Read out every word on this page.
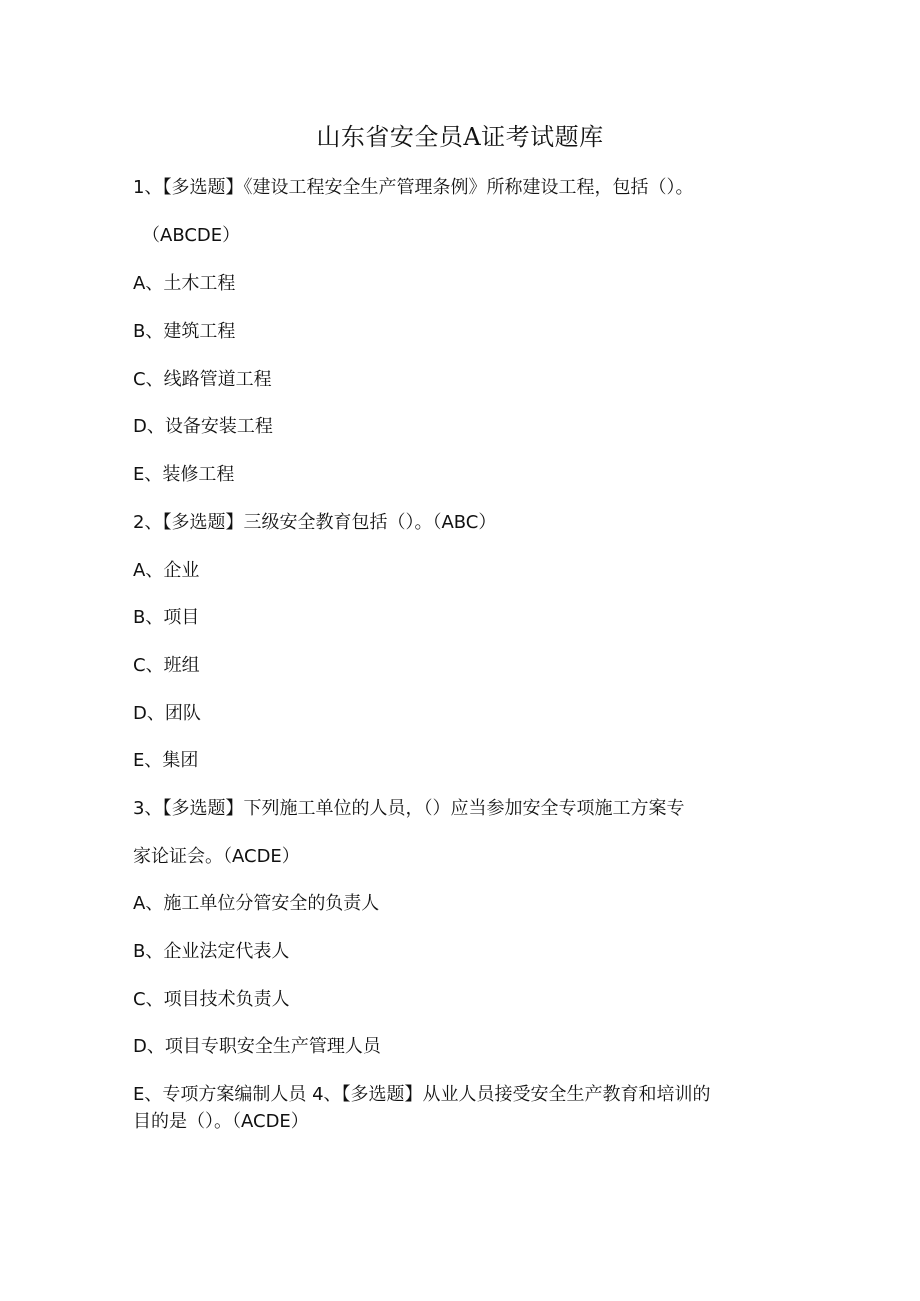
山东省安全员A证考试题库
1、【多选题】《建设工程安全生产管理条例》所称建设工程，包括（）。
（ABCDE）
A、土木工程
B、建筑工程
C、线路管道工程
D、设备安装工程
E、装修工程
2、【多选题】三级安全教育包括（）。（ABC）
A、企业
B、项目
C、班组
D、团队
E、集团
3、【多选题】下列施工单位的人员，（）应当参加安全专项施工方案专
家论证会。（ACDE）
A、施工单位分管安全的负责人
B、企业法定代表人
C、项目技术负责人
D、项目专职安全生产管理人员
E、专项方案编制人员 4、【多选题】从业人员接受安全生产教育和培训的
目的是（）。（ACDE）
